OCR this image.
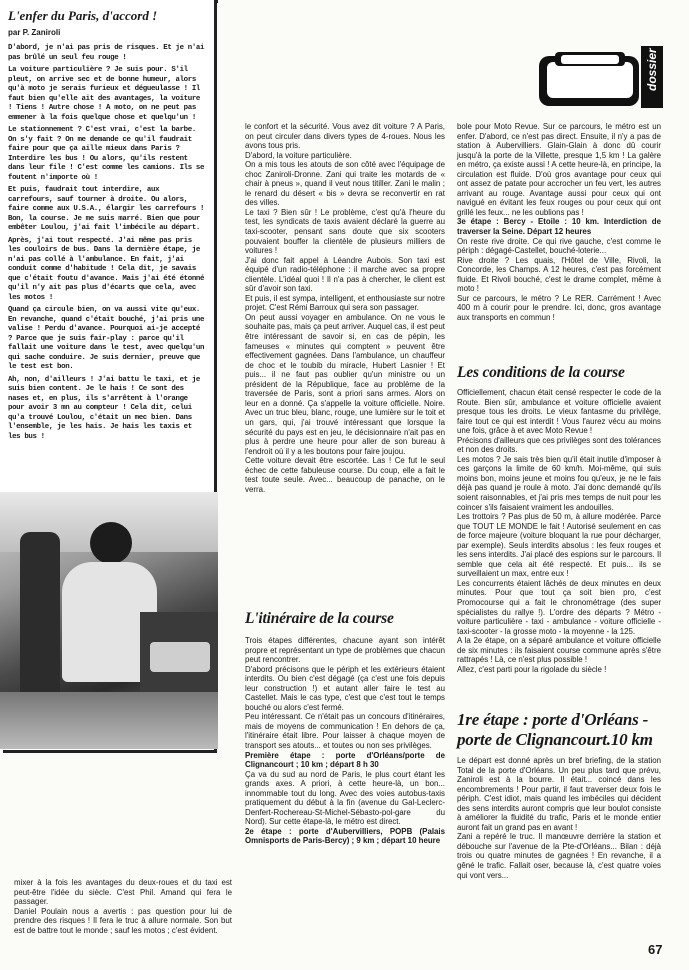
dossier
L'enfer du Paris, d'accord !
par P. Zaniroli

D'abord, je n'ai pas pris de risques. Et je n'ai pas brûlé un seul feu rouge !

La voiture particulière ? Je suis pour. S'il pleut, on arrive sec et de bonne humeur, alors qu'à moto je serais furieux et dégueulasse ! Il faut bien qu'elle ait des avantages, la voiture ! Tiens ! Autre chose ! A moto, on ne peut pas emmener à la fois quelque chose et quelqu'un !

Le stationnement ? C'est vrai, c'est la barbe. On s'y fait ? On me demande ce qu'il faudrait faire pour que ça aille mieux dans Paris ? Interdire les bus ! Ou alors, qu'ils restent dans leur file ! C'est comme les camions. Ils se foutent n'importe où !

Et puis, faudrait tout interdire, aux carrefours, sauf tourner à droite. Ou alors, faire comme aux U.S.A., élargir les carrefours ! Bon, la course. Je me suis marré. Bien que pour embêter Loulou, j'ai fait l'imbécile au départ.

Après, j'ai tout respecté. J'ai même pas pris les couloirs de bus. Dans la dernière étape, je n'ai pas collé à l'ambulance. En fait, j'ai conduit comme d'habitude ! Cela dit, je savais que c'était foutu d'avance. Mais j'ai été étonné qu'il n'y ait pas plus d'écarts que cela, avec les motos !

Quand ça circule bien, on va aussi vite qu'eux. En revanche, quand c'était bouché, j'ai pris une valise ! Perdu d'avance. Pourquoi ai-je accepté ? Parce que je suis fair-play : parce qu'il fallait une voiture dans le test, avec quelqu'un qui sache conduire. Je suis dernier, preuve que le test est bon.

Ah, non, d'ailleurs ! J'ai battu le taxi, et je suis bien content. Je le hais ! Ce sont des nases et, en plus, ils s'arrêtent à l'orange pour avoir 3 mn au compteur ! Cela dit, celui qu'a trouvé Loulou, c'était un mec bien. Dans l'ensemble, je les hais. Je hais les taxis et les bus !

mixer à la fois les avantages du deux-roues et du taxi est peut-être l'idée du siècle. C'est Phil. Amand qui fera le passager.

Daniel Poulain nous a avertis : pas question pour lui de prendre des risques ! Il fera le truc à allure normale. Son but est de battre tout le monde ; sauf les motos ; c'est évident.

le confort et la sécurité. Vous avez dit voiture ? A Paris, on peut circuler dans divers types de 4-roues. Nous les avons tous pris.

D'abord, la voiture particulière.

On a mis tous les atouts de son côté avec l'équipage de choc Zaniroli-Dronne. Zani qui traite les motards de « chair à pneus », quand il veut nous titiller. Zani le malin ; le renard du désert « bis » devra se reconvertir en rat des villes.

Le taxi ? Bien sûr ! Le problème, c'est qu'à l'heure du test, les syndicats de taxis avaient déclaré la guerre au taxi-scooter, pensant sans doute que six scooters pouvaient bouffer la clientèle de plusieurs milliers de voitures !

J'ai donc fait appel à Léandre Aubois. Son taxi est équipé d'un radio-téléphone : il marche avec sa propre clientèle. L'idéal quoi ! Il n'a pas à chercher, le client est sûr d'avoir son taxi.

Et puis, il est sympa, intelligent, et enthousiaste sur notre projet. C'est Rémi Barroux qui sera son passager.

On peut aussi voyager en ambulance. On ne vous le souhaite pas, mais ça peut arriver. Auquel cas, il est peut être intéressant de savoir si, en cas de pépin, les fameuses « minutes qui comptent » peuvent être effectivement gagnées. Dans l'ambulance, un chauffeur de choc et le toubib du miracle, Hubert Lasnier ! Et puis... il ne faut pas oublier qu'un ministre ou un président de la République, face au problème de la traversée de Paris, sont a priori sans armes. Alors on leur en a donné. Ça s'appelle la voiture officielle. Noire. Avec un truc bleu, blanc, rouge, une lumière sur le toit et un gars, qui, j'ai trouvé intéressant que lorsque la sécurité du pays est en jeu, le décisionnaire n'ait pas en plus à perdre une heure pour aller de son bureau à l'endroit où il y a les boutons pour faire joujou.

Cette voiture devait être escortée. Las ! Ce fut le seul échec de cette fabuleuse course. Du coup, elle a fait le test toute seule. Avec... beaucoup de panache, on le verra.

L'itinéraire de la course

Trois étapes différentes, chacune ayant son intérêt propre et représentant un type de problèmes que chacun peut rencontrer.

D'abord précisons que le périph et les extérieurs étaient interdits. Ou bien c'est dégagé (ça c'est une fois depuis leur construction !) et autant aller faire le test au Castellet. Mais le cas type, c'est que c'est tout le temps bouché ou alors c'est fermé.

Peu intéressant. Ce n'était pas un concours d'itinéraires, mais de moyens de communication ! En dehors de ça, l'itinéraire était libre. Pour laisser à chaque moyen de transport ses atouts... et toutes ou non ses privilèges.

Première étape : porte d'Orléans/porte de Clignancourt ; 10 km ; départ 8 h 30

Ça va du sud au nord de Paris, le plus court étant les grands axes. A priori, à cette heure-là, un bon... innommable tout du long. Avec des voies autobus-taxis pratiquement du début à la fin (avenue du Gal-Leclerc-Denfert-Rochereau-St-Michel-Sébasto-pol-gare du Nord). Sur cette étape-là, le métro est direct.

2e étape : porte d'Aubervilliers, POPB (Palais Omnisports de Paris-Bercy) ; 9 km ; départ 10 heure

bole pour Moto Revue. Sur ce parcours, le métro est un enfer. D'abord, ce n'est pas direct. Ensuite, il n'y a pas de station à Aubervilliers. Glain-Glain à donc dû courir jusqu'à la porte de la Villette, presque 1,5 km ! La galère en métro, ça existe aussi ! A cette heure-là, en principe, la circulation est fluide. D'où gros avantage pour ceux qui ont assez de patate pour accrocher un feu vert, les autres arrivant au rouge. Avantage aussi pour ceux qui ont navigué en évitant les feux rouges ou pour ceux qui ont grillé les feux... ne les oublions pas !

3e étape : Bercy - Etoile : 10 km. Interdiction de traverser la Seine. Départ 12 heures

On reste rive droite. Ce qui rive gauche, c'est comme le périph : dégagé-Castellet, bouché-loterie...

Rive droite ? Les quais, l'Hôtel de Ville, Rivoli, la Concorde, les Champs. A 12 heures, c'est pas forcément fluide. Et Rivoli bouché, c'est le drame complet, même à moto !

Sur ce parcours, le métro ? Le RER. Carrément ! Avec 400 m à courir pour le prendre. Ici, donc, gros avantage aux transports en commun !

Les conditions de la course

Officiellement, chacun était censé respecter le code de la Route. Bien sûr, ambulance et voiture officielle avaient presque tous les droits. Le vieux fantasme du privilège, faire tout ce qui est interdit ! Vous l'aurez vécu au moins une fois, grâce à et avec Moto Revue !

Précisons d'ailleurs que ces privilèges sont des tolérances et non des droits.

Les motos ? Je sais très bien qu'il était inutile d'imposer à ces garçons la limite de 60 km/h. Moi-même, qui suis moins bon, moins jeune et moins fou qu'eux, je ne le fais déjà pas quand je roule à moto. J'ai donc demandé qu'ils soient raisonnables, et j'ai pris mes temps de nuit pour les coincer s'ils faisaient vraiment les andouilles.

Les trottoirs ? Pas plus de 50 m, à allure modérée. Parce que TOUT LE MONDE le fait ! Autorisé seulement en cas de force majeure (voiture bloquant la rue pour décharger, par exemple). Seuls interdits absolus : les feux rouges et les sens interdits. J'ai placé des espions sur le parcours. Il semble que cela ait été respecté. Et puis... ils se surveillaient un max, entre eux !

Les concurrents étaient lâchés de deux minutes en deux minutes. Pour que tout ça soit bien pro, c'est Promocourse qui a fait le chronométrage (des super spécialistes du rallye !). L'ordre des départs ? Métro - voiture particulière - taxi - ambulance - voiture officielle - taxi-scooter - la grosse moto - la moyenne - la 125.

A la 2e étape, on a séparé ambulance et voiture officielle de six minutes : ils faisaient course commune après s'être rattrapés ! Là, ce n'est plus possible !

Allez, c'est parti pour la rigolade du siècle !

1re étape : porte d'Orléans - porte de Clignancourt.10 km

Le départ est donné après un bref briefing, de la station Total de la porte d'Orléans. Un peu plus tard que prévu, Zaniroli est à la bourre. Il était... coincé dans les encombrements ! Pour partir, il faut traverser deux fois le périph. C'est idiot, mais quand les imbéciles qui décident des sens interdits auront compris que leur boulot consiste à améliorer la fluidité du trafic, Paris et le monde entier auront fait un grand pas en avant !

Zani a repéré le truc. Il manœuvre derrière la station et débouche sur l'avenue de la Pte-d'Orléans... Bilan : déjà trois ou quatre minutes de gagnées ! En revanche, il a gêné le trafic. Fallait oser, because là, c'est quatre voies qui vont vers...

67
